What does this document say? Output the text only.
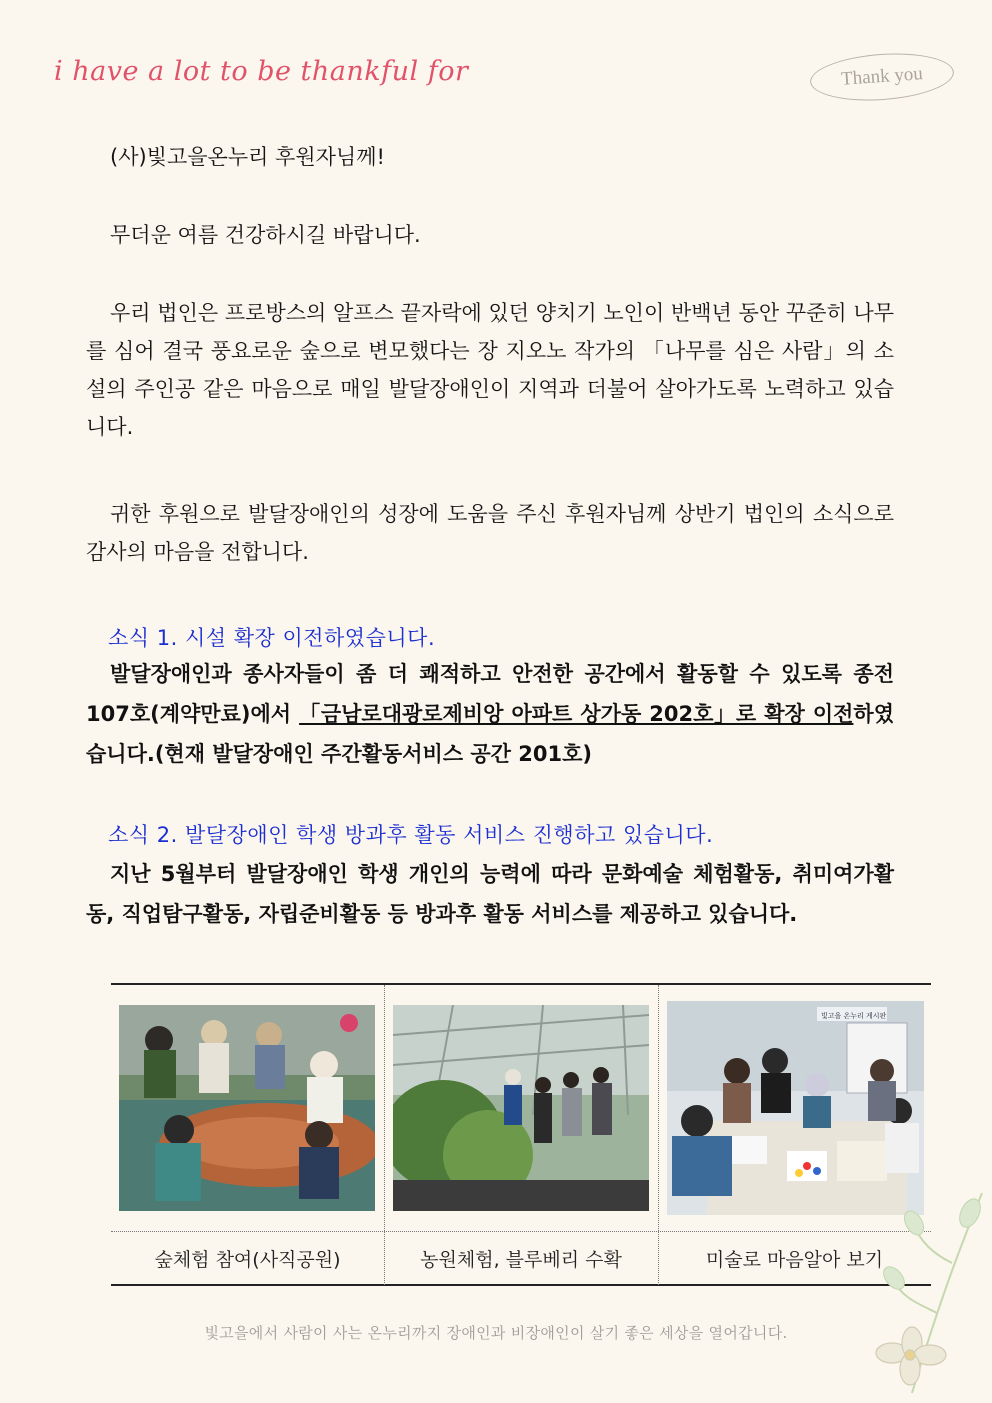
i have a lot to be thankful for	Thank you

(사)빛고을온누리 후원자님께!

무더운 여름 건강하시길 바랍니다.

우리 법인은 프로방스의 알프스 끝자락에 있던 양치기 노인이 반백년 동안 꾸준히 나무를 심어 결국 풍요로운 숲으로 변모했다는 장 지오노 작가의 「나무를 심은 사람」의 소설의 주인공 같은 마음으로 매일 발달장애인이 지역과 더불어 살아가도록 노력하고 있습니다.

귀한 후원으로 발달장애인의 성장에 도움을 주신 후원자님께 상반기 법인의 소식으로 감사의 마음을 전합니다.

소식 1. 시설 확장 이전하였습니다.
발달장애인과 종사자들이 좀 더 쾌적하고 안전한 공간에서 활동할 수 있도록 종전 107호(계약만료)에서 「금남로대광로제비앙 아파트 상가동 202호」로 확장 이전하였습니다.(현재 발달장애인 주간활동서비스 공간 201호)
소식 2. 발달장애인 학생 방과후 활동 서비스 진행하고 있습니다.
지난 5월부터 발달장애인 학생 개인의 능력에 따라 문화예술 체험활동, 취미여가활동, 직업탐구활동, 자립준비활동 등 방과후 활동 서비스를 제공하고 있습니다.
빛고을 온누리 게시판
숲체험 참여(사직공원)	농원체험, 블루베리 수확	미술로 마음알아 보기
빛고을에서 사람이 사는 온누리까지 장애인과 비장애인이 살기 좋은 세상을 열어갑니다.
